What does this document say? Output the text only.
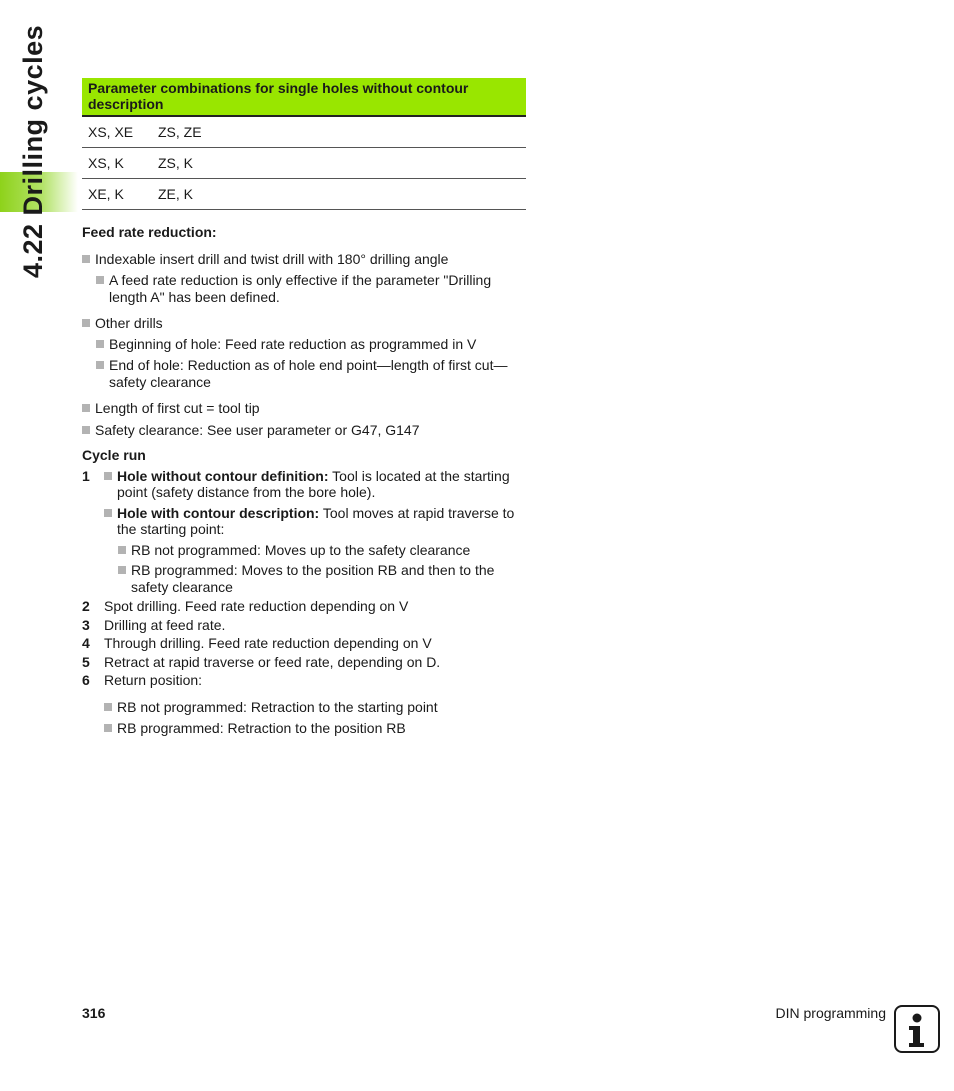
4.22 Drilling cycles	Parameter combinations for single holes without contour description	
XS, XE	ZS, ZE
XS, K	ZS, K
XE, K	ZE, K

Feed rate reduction:

Indexable insert drill and twist drill with 180° drilling angle
A feed rate reduction is only effective if the parameter "Drilling length A" has been defined.
Other drills
Beginning of hole: Feed rate reduction as programmed in V
End of hole: Reduction as of hole end point—length of first cut—safety clearance
Length of first cut = tool tip
Safety clearance: See user parameter or G47, G147

Cycle run

1	Hole without contour definition: Tool is located at the starting point (safety distance from the bore hole).
Hole with contour description: Tool moves at rapid traverse to the starting point:
RB not programmed: Moves up to the safety clearance
RB programmed: Moves to the position RB and then to the safety clearance
2 Spot drilling. Feed rate reduction depending on V
3 Drilling at feed rate.
4 Through drilling. Feed rate reduction depending on V
5 Retract at rapid traverse or feed rate, depending on D.
6 Return position:
RB not programmed: Retraction to the starting point
RB programmed: Retraction to the position RB
316	DIN programming
